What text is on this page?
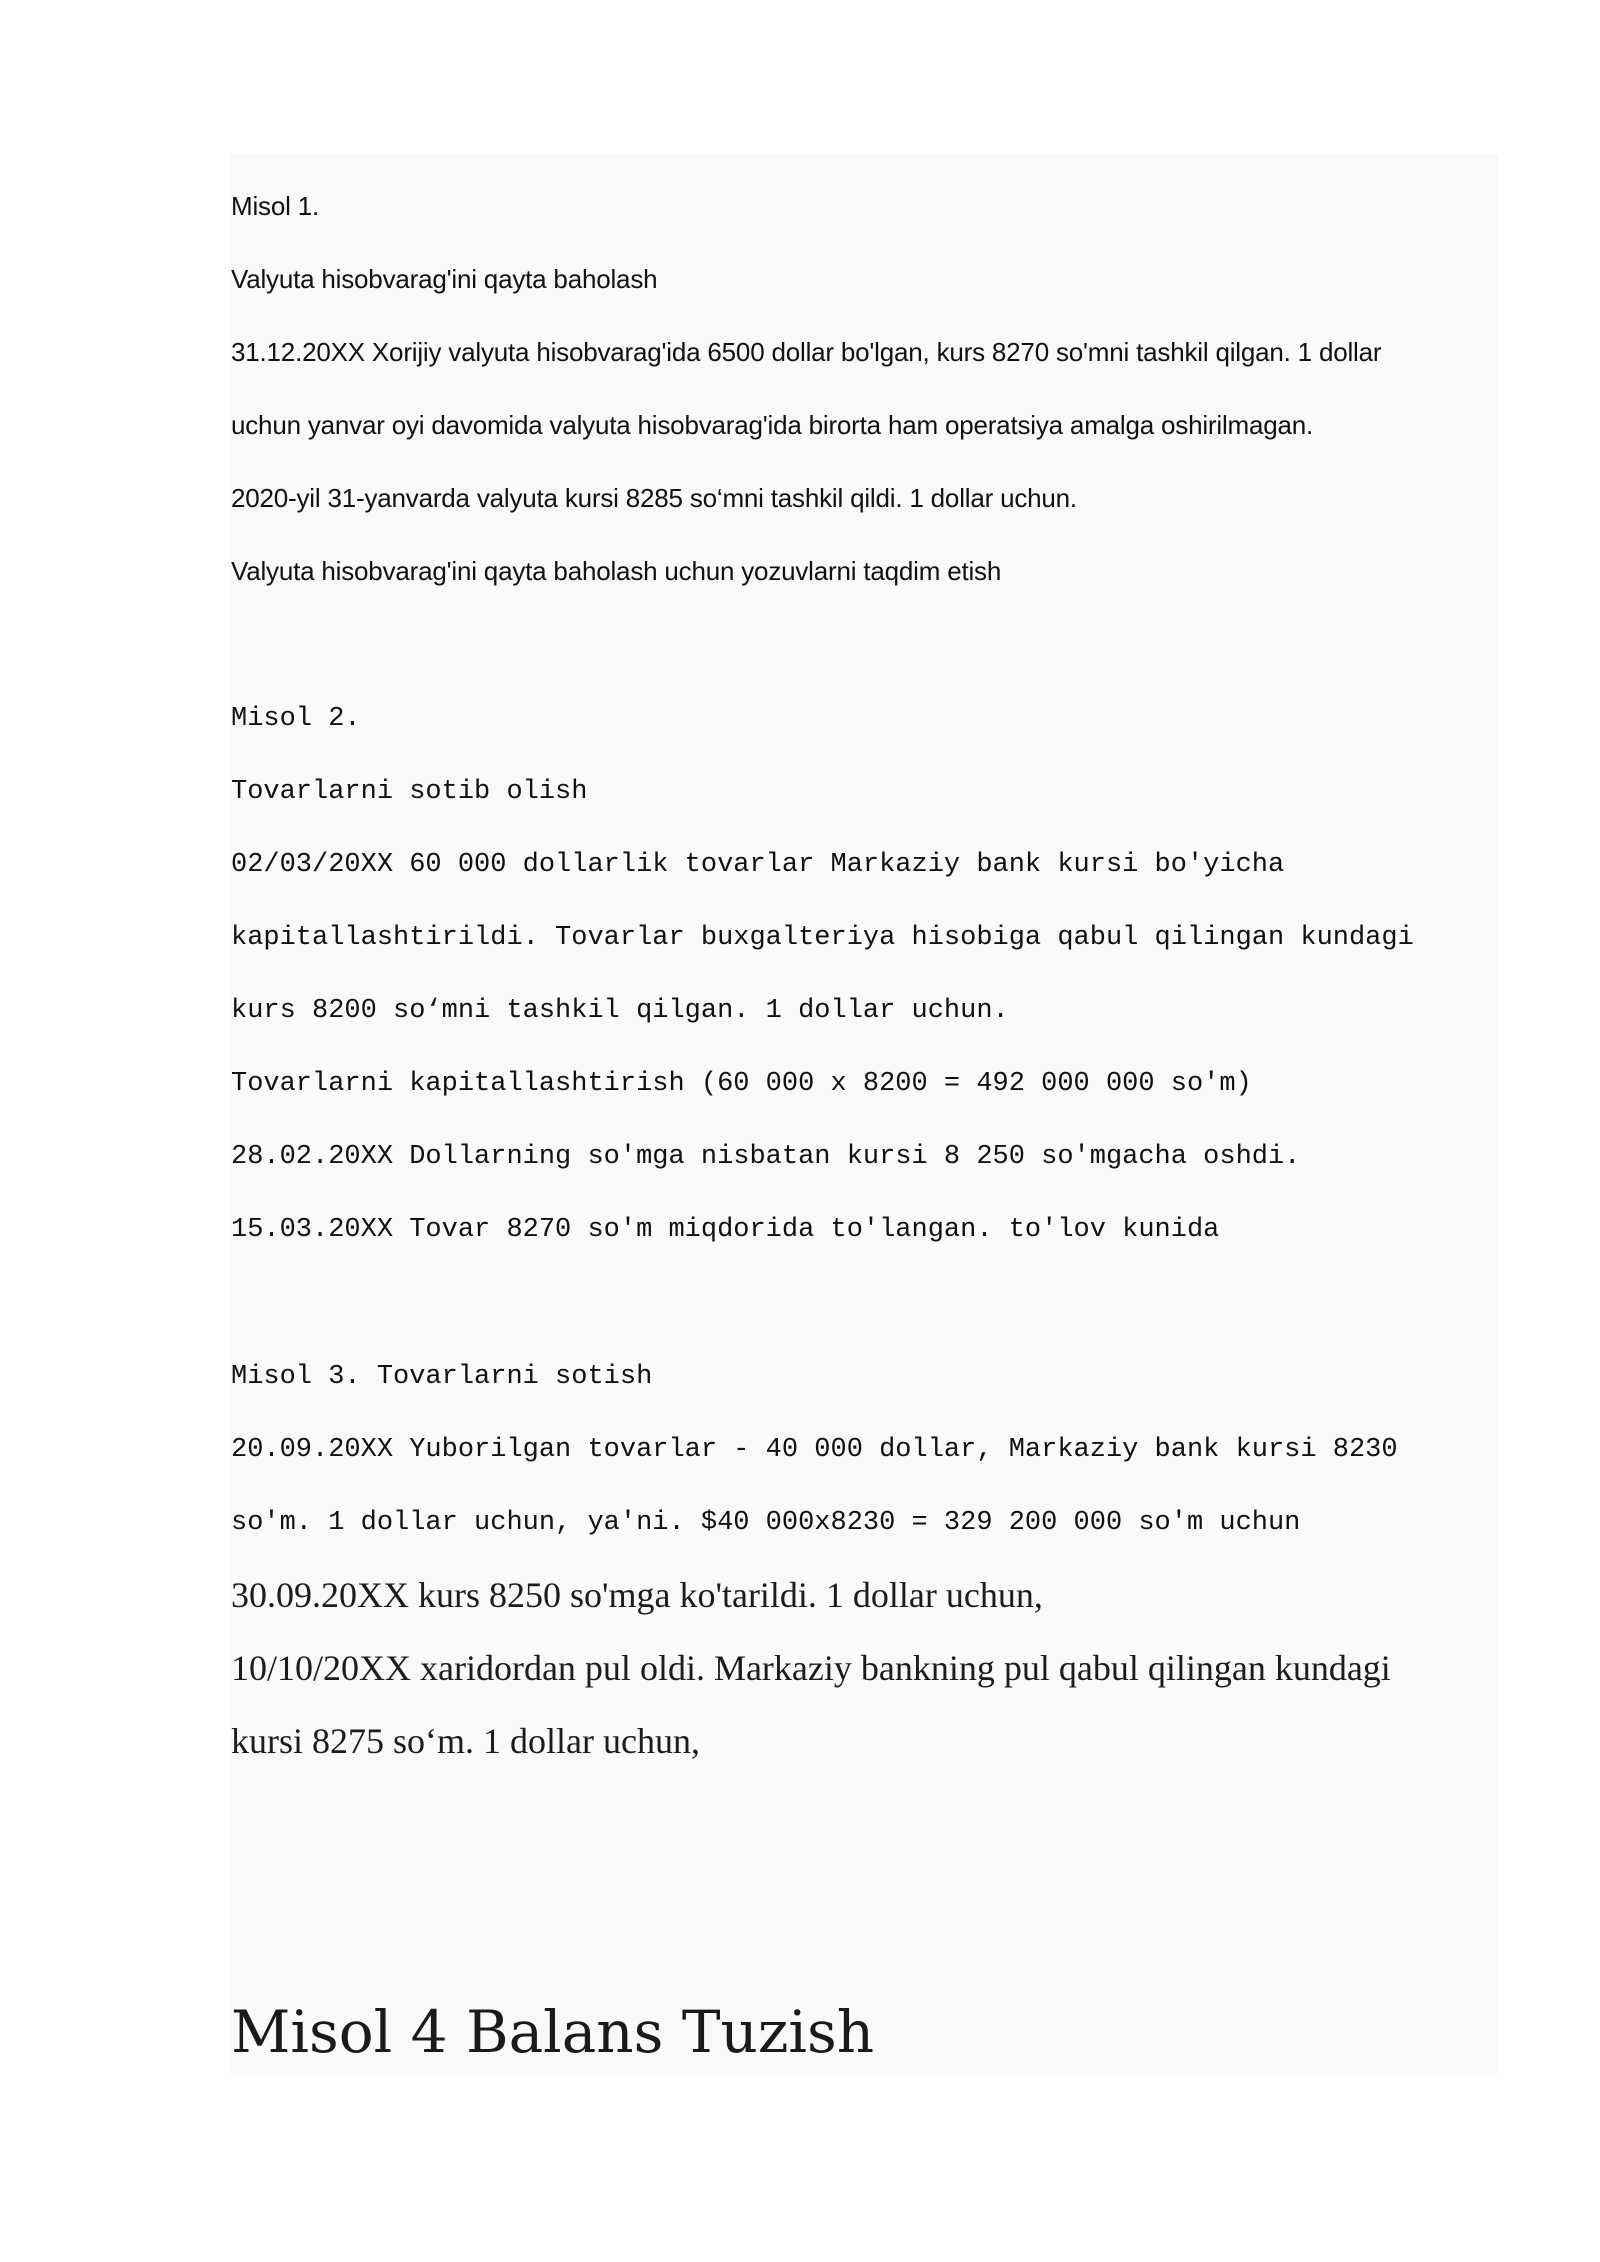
Misol 1.
Valyuta hisobvarag'ini qayta baholash
31.12.20XX Xorijiy valyuta hisobvarag'ida 6500 dollar bo'lgan, kurs 8270 so'mni tashkil qilgan. 1 dollar
uchun yanvar oyi davomida valyuta hisobvarag'ida birorta ham operatsiya amalga oshirilmagan.
2020-yil 31-yanvarda valyuta kursi 8285 so‘mni tashkil qildi. 1 dollar uchun.
Valyuta hisobvarag'ini qayta baholash uchun yozuvlarni taqdim etish
Misol 2.
Tovarlarni sotib olish
02/03/20XX 60 000 dollarlik tovarlar Markaziy bank kursi bo'yicha
kapitallashtirildi. Tovarlar buxgalteriya hisobiga qabul qilingan kundagi
kurs 8200 so‘mni tashkil qilgan. 1 dollar uchun.
Tovarlarni kapitallashtirish (60 000 x 8200 = 492 000 000 so'm)
28.02.20XX Dollarning so'mga nisbatan kursi 8 250 so'mgacha oshdi.
15.03.20XX Tovar 8270 so'm miqdorida to'langan. to'lov kunida
Misol 3. Tovarlarni sotish
20.09.20XX Yuborilgan tovarlar - 40 000 dollar, Markaziy bank kursi 8230
so'm. 1 dollar uchun, ya'ni. $40 000x8230 = 329 200 000 so'm uchun
30.09.20XX kurs 8250 so'mga ko'tarildi. 1 dollar uchun,
10/10/20XX xaridordan pul oldi. Markaziy bankning pul qabul qilingan kundagi
kursi 8275 so‘m. 1 dollar uchun,
Misol 4 Balans Tuzish
